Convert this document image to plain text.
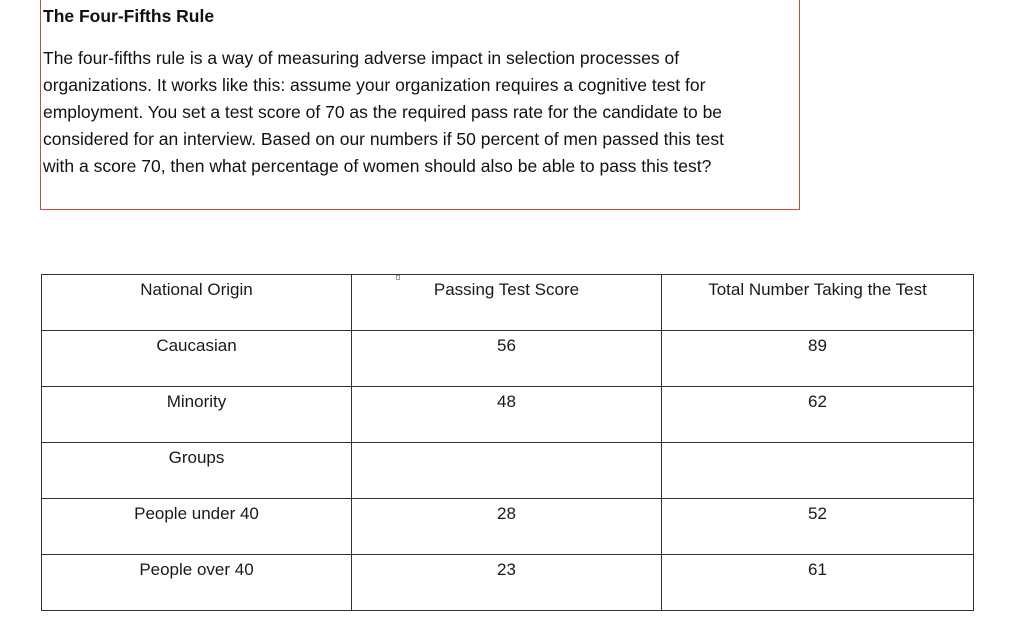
The Four-Fifths Rule

The four-fifths rule is a way of measuring adverse impact in selection processes of
organizations. It works like this: assume your organization requires a cognitive test for
employment. You set a test score of 70 as the required pass rate for the candidate to be
considered for an interview. Based on our numbers if 50 percent of men passed this test
with a score 70, then what percentage of women should also be able to pass this test?

National Origin	Passing Test Score	Total Number Taking the Test
Caucasian	56	89
Minority	48	62
Groups		
People under 40	28	52
People over 40	23	61
